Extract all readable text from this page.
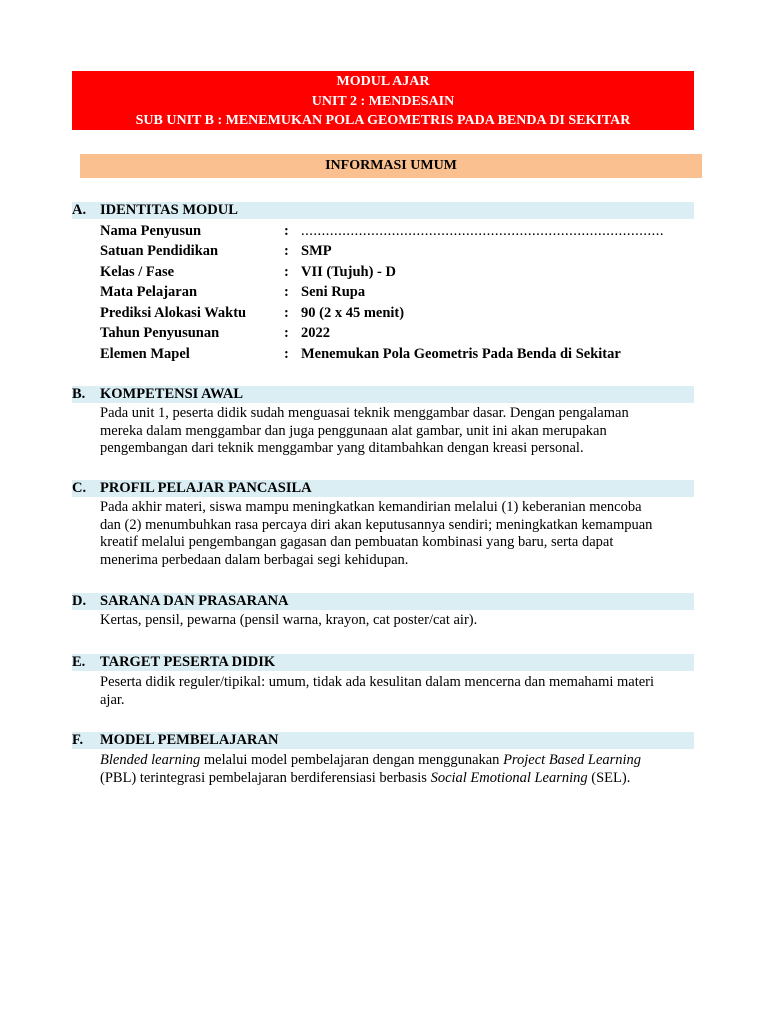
MODUL AJAR
UNIT 2 : MENDESAIN
SUB UNIT B : MENEMUKAN POLA GEOMETRIS PADA BENDA DI SEKITAR
INFORMASI UMUM
A. IDENTITAS MODUL
Nama Penyusun	: ........................................................................................
Satuan Pendidikan	: SMP
Kelas / Fase	: VII (Tujuh) - D
Mata Pelajaran	: Seni Rupa
Prediksi Alokasi Waktu	: 90 (2 x 45 menit)
Tahun Penyusunan	: 2022
Elemen Mapel	: Menemukan Pola Geometris Pada Benda di Sekitar
B. KOMPETENSI AWAL
Pada unit 1, peserta didik sudah menguasai teknik menggambar dasar. Dengan pengalaman
mereka dalam menggambar dan juga penggunaan alat gambar, unit ini akan merupakan
pengembangan dari teknik menggambar yang ditambahkan dengan kreasi personal.
C. PROFIL PELAJAR PANCASILA
Pada akhir materi, siswa mampu meningkatkan kemandirian melalui (1) keberanian mencoba
dan (2) menumbuhkan rasa percaya diri akan keputusannya sendiri; meningkatkan kemampuan
kreatif melalui pengembangan gagasan dan pembuatan kombinasi yang baru, serta dapat
menerima perbedaan dalam berbagai segi kehidupan.
D. SARANA DAN PRASARANA
Kertas, pensil, pewarna (pensil warna, krayon, cat poster/cat air).
E. TARGET PESERTA DIDIK
Peserta didik reguler/tipikal: umum, tidak ada kesulitan dalam mencerna dan memahami materi
ajar.
F. MODEL PEMBELAJARAN
Blended learning melalui model pembelajaran dengan menggunakan Project Based Learning
(PBL) terintegrasi pembelajaran berdiferensiasi berbasis Social Emotional Learning (SEL).
